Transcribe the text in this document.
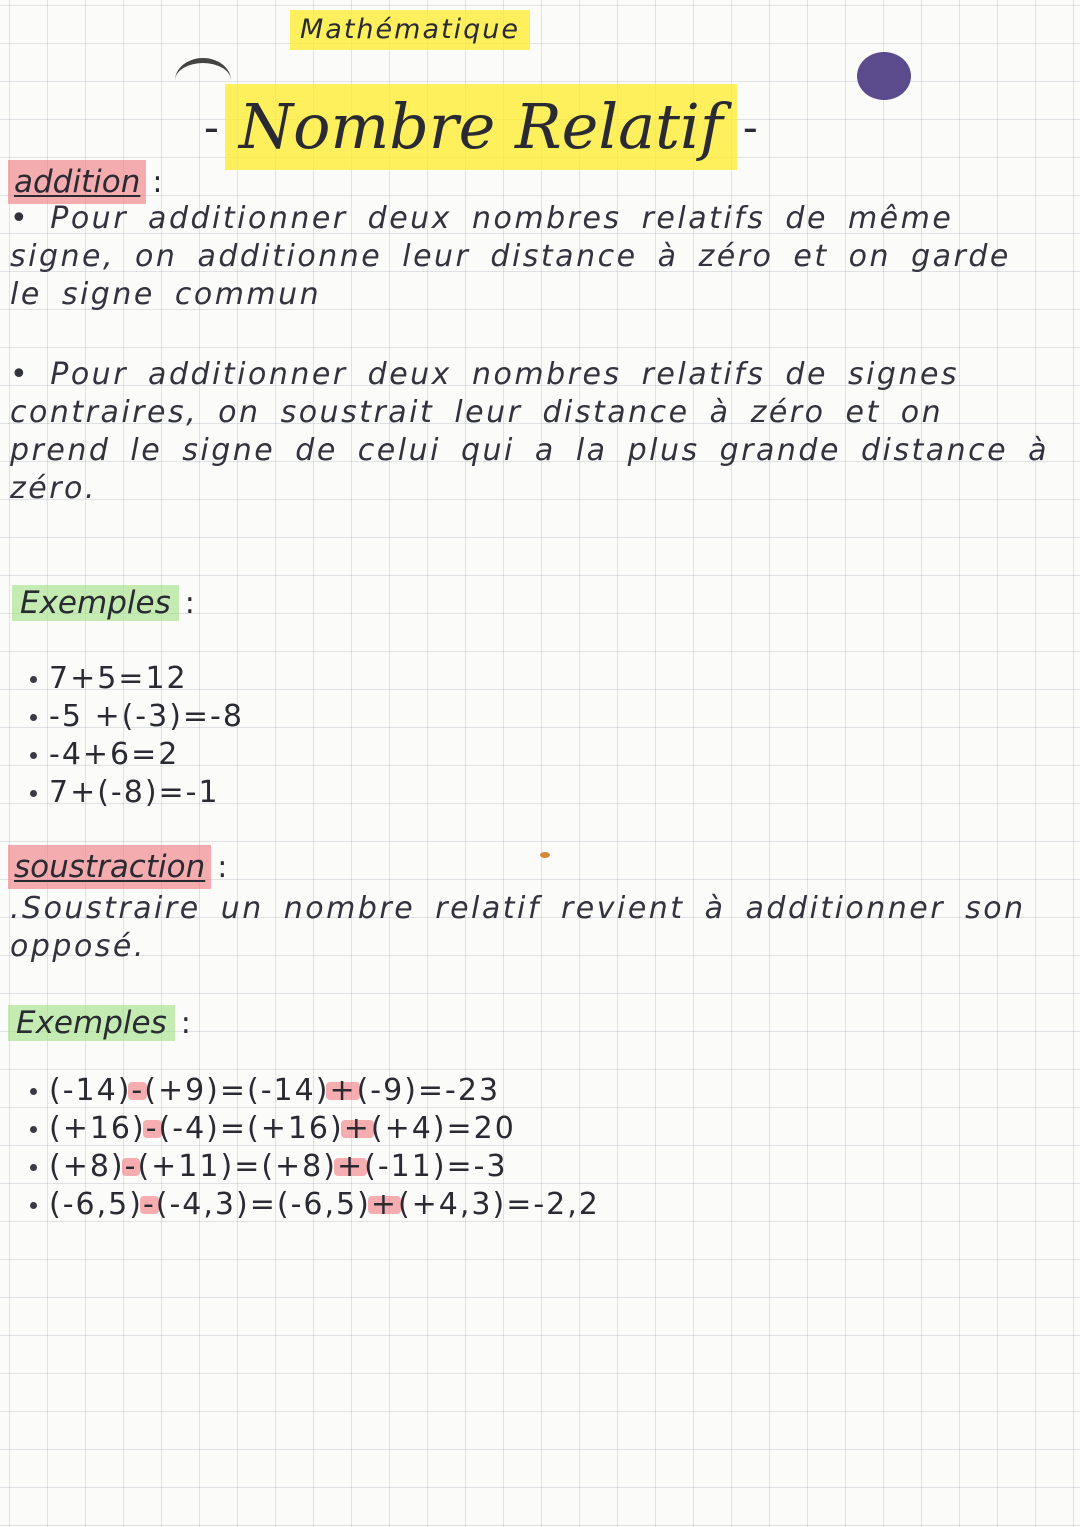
Mathématique
- Nombre Relatif -
addition :

• Pour additionner deux nombres relatifs de même signe, on additionne leur distance à zéro et on garde le signe commun

• Pour additionner deux nombres relatifs de signes contraires, on soustrait leur distance à zéro et on prend le signe de celui qui a la plus grande distance à zéro.

Exemples :
7+5=12
-5 +(-3)=-8
-4+6=2
7+(-8)=-1
soustraction :

.Soustraire un nombre relatif revient à additionner son opposé.

Exemples :
(-14) - (+9)=(-14) + (-9)=-23
(+16) - (-4)=(+16) + (+4)=20
(+8) - (+11)=(+8) + (-11)=-3
(-6,5) - (-4,3)=(-6,5) + (+4,3)=-2,2
